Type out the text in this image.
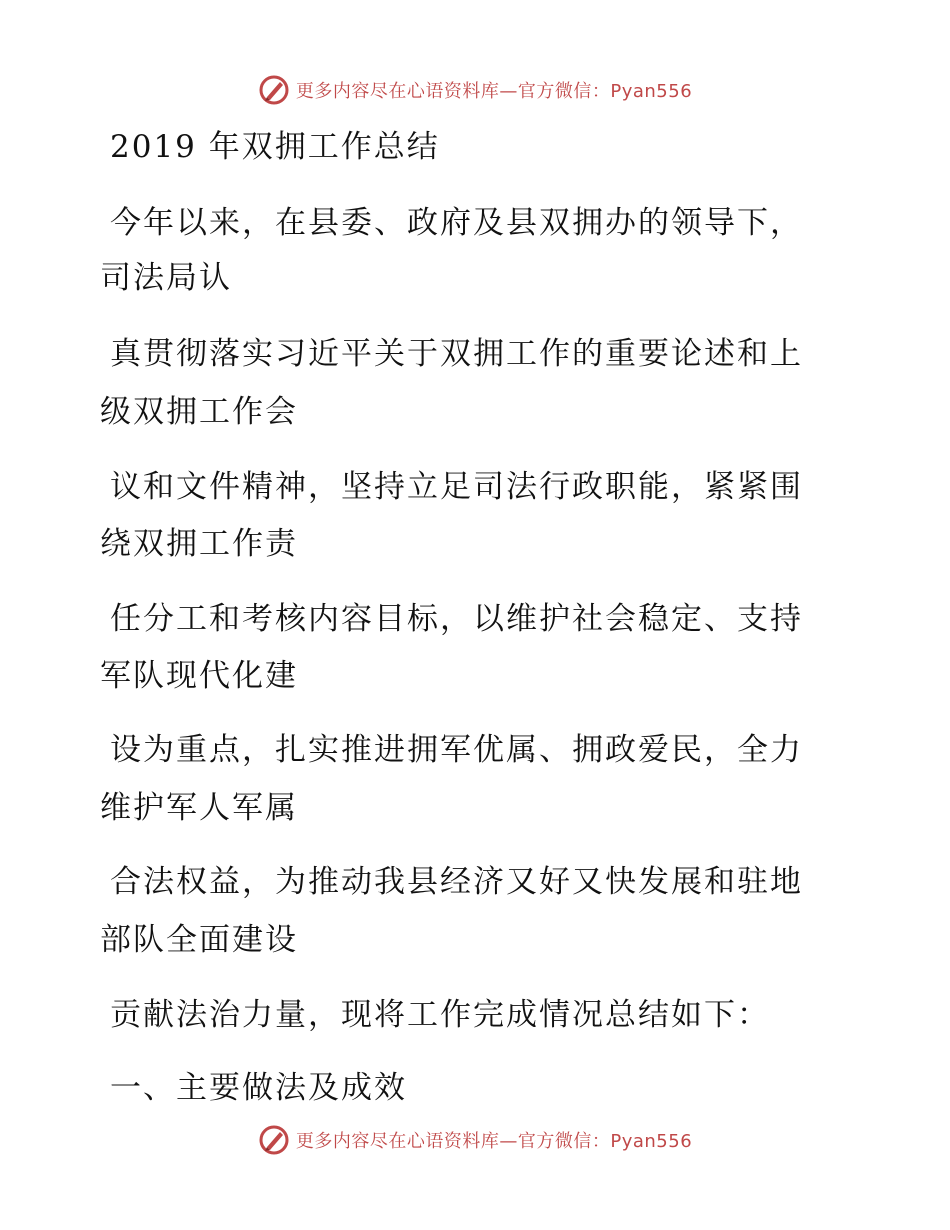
更多内容尽在心语资料库—官方微信：Pyan556
2019 年双拥工作总结
今年以来，在县委、政府及县双拥办的领导下，
司法局认
真贯彻落实习近平关于双拥工作的重要论述和上
级双拥工作会
议和文件精神，坚持立足司法行政职能，紧紧围
绕双拥工作责
任分工和考核内容目标，以维护社会稳定、支持
军队现代化建
设为重点，扎实推进拥军优属、拥政爱民，全力
维护军人军属
合法权益，为推动我县经济又好又快发展和驻地
部队全面建设
贡献法治力量，现将工作完成情况总结如下：
一、主要做法及成效
更多内容尽在心语资料库—官方微信：Pyan556
